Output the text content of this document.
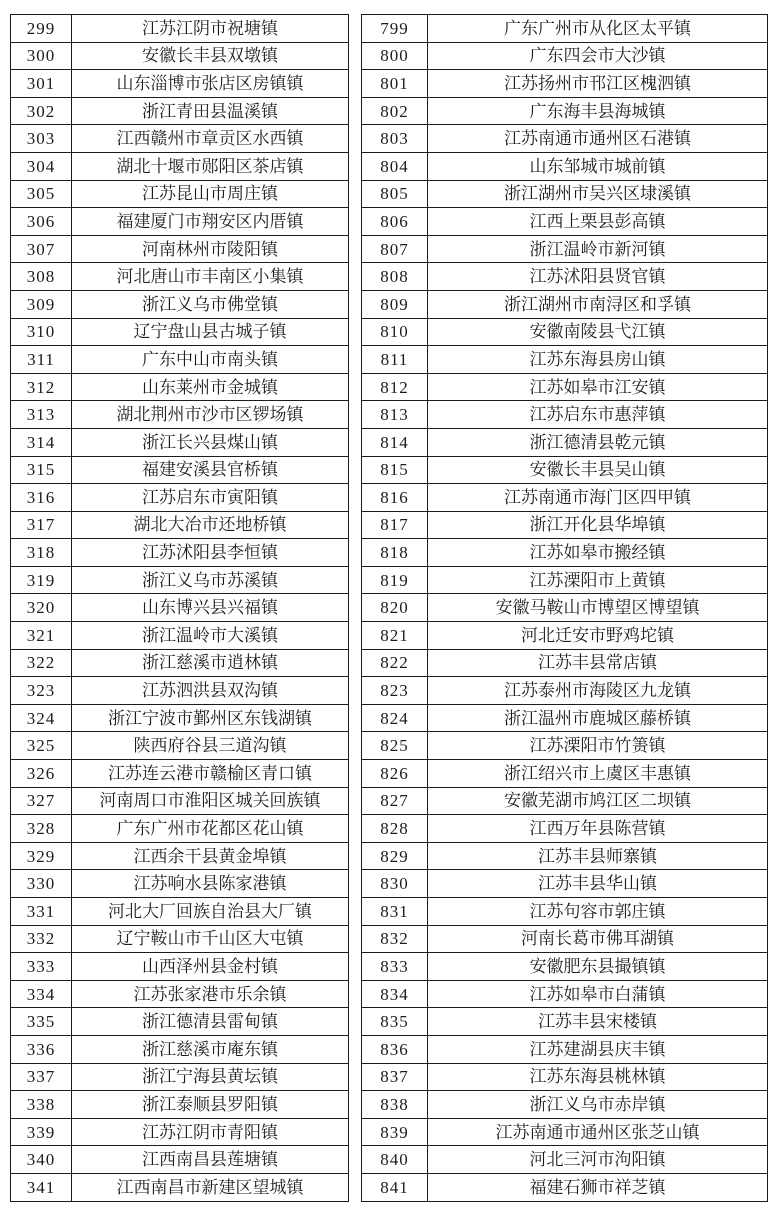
299	江苏江阴市祝塘镇
300	安徽长丰县双墩镇
301	山东淄博市张店区房镇镇
302	浙江青田县温溪镇
303	江西赣州市章贡区水西镇
304	湖北十堰市郧阳区茶店镇
305	江苏昆山市周庄镇
306	福建厦门市翔安区内厝镇
307	河南林州市陵阳镇
308	河北唐山市丰南区小集镇
309	浙江义乌市佛堂镇
310	辽宁盘山县古城子镇
311	广东中山市南头镇
312	山东莱州市金城镇
313	湖北荆州市沙市区锣场镇
314	浙江长兴县煤山镇
315	福建安溪县官桥镇
316	江苏启东市寅阳镇
317	湖北大冶市还地桥镇
318	江苏沭阳县李恒镇
319	浙江义乌市苏溪镇
320	山东博兴县兴福镇
321	浙江温岭市大溪镇
322	浙江慈溪市逍林镇
323	江苏泗洪县双沟镇
324	浙江宁波市鄞州区东钱湖镇
325	陕西府谷县三道沟镇
326	江苏连云港市赣榆区青口镇
327	河南周口市淮阳区城关回族镇
328	广东广州市花都区花山镇
329	江西余干县黄金埠镇
330	江苏响水县陈家港镇
331	河北大厂回族自治县大厂镇
332	辽宁鞍山市千山区大屯镇
333	山西泽州县金村镇
334	江苏张家港市乐余镇
335	浙江德清县雷甸镇
336	浙江慈溪市庵东镇
337	浙江宁海县黄坛镇
338	浙江泰顺县罗阳镇
339	江苏江阴市青阳镇
340	江西南昌县莲塘镇
341	江西南昌市新建区望城镇
799	广东广州市从化区太平镇
800	广东四会市大沙镇
801	江苏扬州市邗江区槐泗镇
802	广东海丰县海城镇
803	江苏南通市通州区石港镇
804	山东邹城市城前镇
805	浙江湖州市吴兴区埭溪镇
806	江西上栗县彭高镇
807	浙江温岭市新河镇
808	江苏沭阳县贤官镇
809	浙江湖州市南浔区和孚镇
810	安徽南陵县弋江镇
811	江苏东海县房山镇
812	江苏如皋市江安镇
813	江苏启东市惠萍镇
814	浙江德清县乾元镇
815	安徽长丰县吴山镇
816	江苏南通市海门区四甲镇
817	浙江开化县华埠镇
818	江苏如皋市搬经镇
819	江苏溧阳市上黄镇
820	安徽马鞍山市博望区博望镇
821	河北迁安市野鸡坨镇
822	江苏丰县常店镇
823	江苏泰州市海陵区九龙镇
824	浙江温州市鹿城区藤桥镇
825	江苏溧阳市竹箦镇
826	浙江绍兴市上虞区丰惠镇
827	安徽芜湖市鸠江区二坝镇
828	江西万年县陈营镇
829	江苏丰县师寨镇
830	江苏丰县华山镇
831	江苏句容市郭庄镇
832	河南长葛市佛耳湖镇
833	安徽肥东县撮镇镇
834	江苏如皋市白蒲镇
835	江苏丰县宋楼镇
836	江苏建湖县庆丰镇
837	江苏东海县桃林镇
838	浙江义乌市赤岸镇
839	江苏南通市通州区张芝山镇
840	河北三河市泃阳镇
841	福建石狮市祥芝镇
